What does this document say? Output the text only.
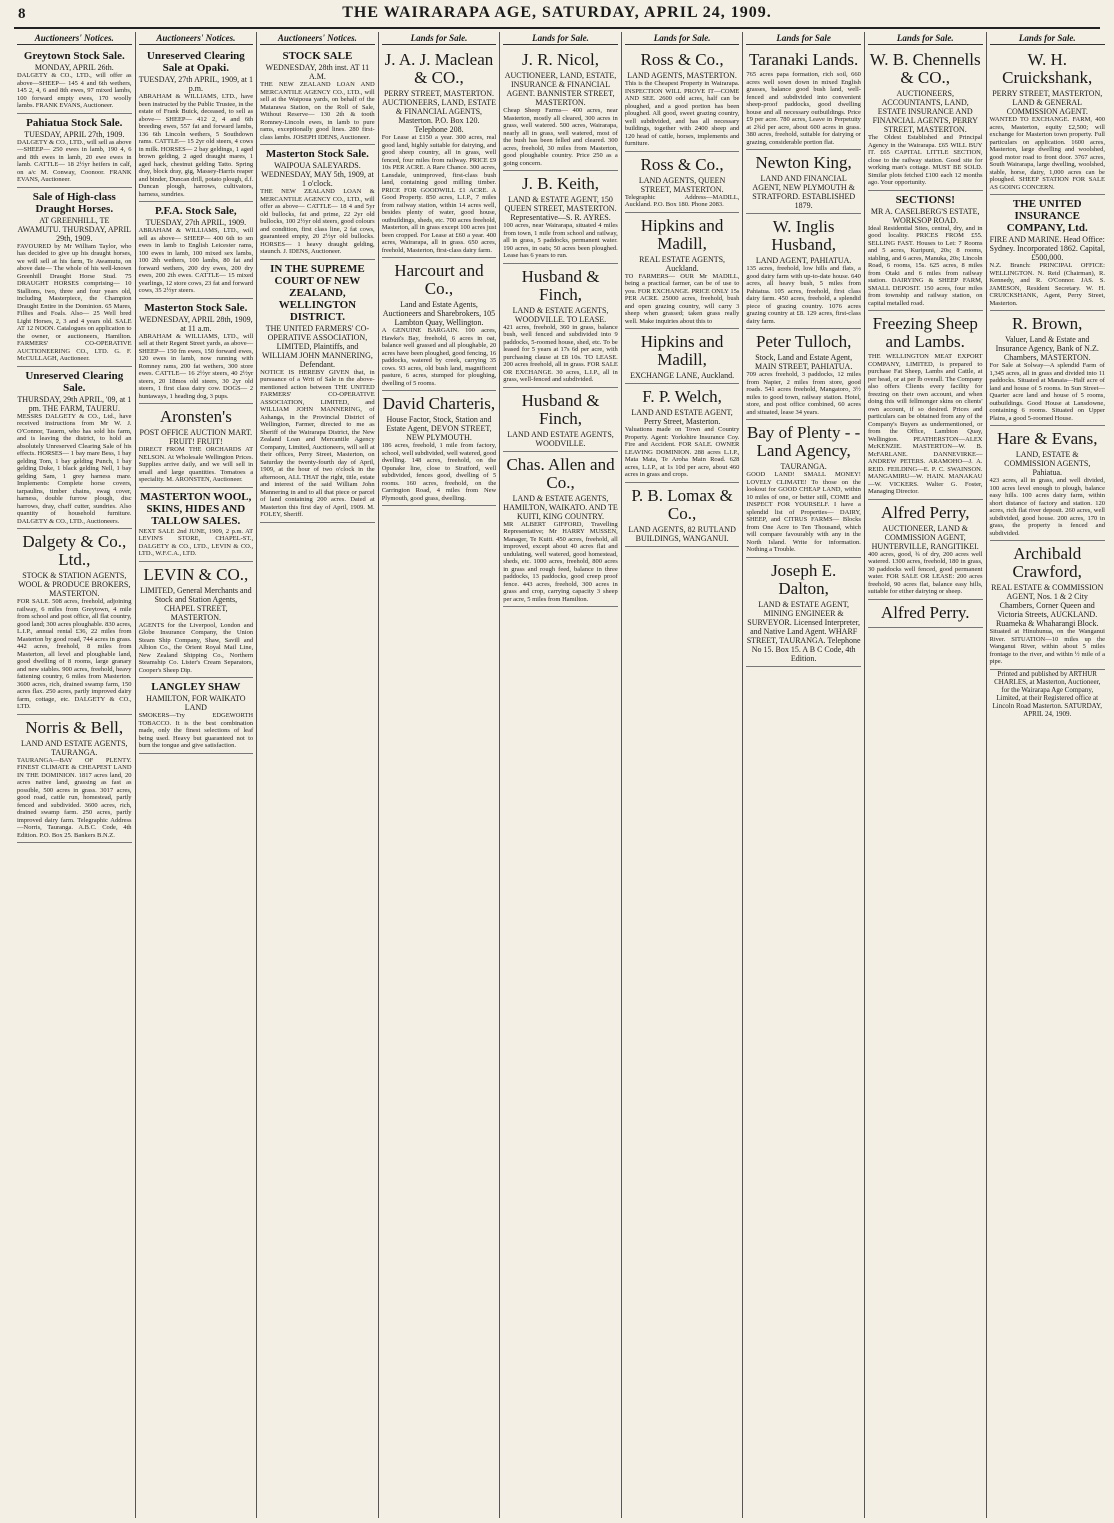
8	THE WAIRARAPA AGE, SATURDAY, APRIL 24, 1909.
Auctioneers' Notices.
Greytown Stock Sale.
MONDAY, APRIL 26th.
DALGETY & CO., LTD., will offer as above—SHEEP— 145 4 and 6th wethers, 145 2, 4, 6 and 8th ewes, 97 mixed lambs, 100 forward empty ewes, 170 woolly lambs. FRANK EVANS, Auctioneer.
Pahiatua Stock Sale.
TUESDAY, APRIL 27th, 1909.
DALGETY & CO., LTD., will sell as above—SHEEP— 250 ewes in lamb, 190 4, 6 and 8th ewes in lamb, 20 ewe ewes in lamb. CATTLE— 18 2½yr heifers in calf, on a/c M. Conway, Coonoor. FRANK EVANS, Auctioneer.
Sale of High-class Draught Horses.
AT GREENHILL, TE AWAMUTU. THURSDAY, APRIL 29th, 1909.
FAVOURED by Mr William Taylor, who has decided to give up his draught horses, we will sell at his farm, Te Awamutu, on above date— The whole of his well-known Greenhill Draught Horse Stud. 75 DRAUGHT HORSES comprising— 10 Stallions, two, three and four years old, including Masterpiece, the Champion Draught Entire in the Dominion. 65 Mares, Fillies and Foals. Also— 25 Well bred Light Horses, 2, 3 and 4 years old. SALE AT 12 NOON. Catalogues on application to the owner, or auctioneers, Hamilton. FARMERS' CO-OPERATIVE AUCTIONEERING CO., LTD. G. F. McCULLAGH, Auctioneer.
Unreserved Clearing Sale.
THURSDAY, 29th APRIL, '09, at 1 pm. THE FARM, TAUERU.
MESSRS DALGETY & CO., Ltd., have received instructions from Mr W. J. O'Connor, Tauern, who has sold his farm, and is leaving the district, to hold an absolutely Unreserved Clearing Sale of his effects. HORSES— 1 bay mare Bess, 1 bay gelding Tom, 1 bay gelding Punch, 1 bay gelding Duke, 1 black gelding Nell, 1 bay gelding Sam, 1 grey harness mare. Implements: Complete horse covers, tarpaulins, timber chains, swag cover, harness, double furrow plough, disc harrows, dray, chaff cutter, sundries. Also quantity of household furniture. DALGETY & CO., LTD., Auctioneers.
Dalgety & Co., Ltd.,
STOCK & STATION AGENTS, WOOL & PRODUCE BROKERS, MASTERTON.
FOR SALE. 508 acres, freehold, adjoining railway, 6 miles from Greytown, 4 mile from school and post office, all flat country, good land; 300 acres ploughable. 830 acres, L.I.P., annual rental £36, 22 miles from Masterton by good road, 744 acres in grass. 442 acres, freehold, 8 miles from Masterton, all level and ploughable land, good dwelling of 8 rooms, large granary and new stables. 900 acres, freehold, heavy fattening country, 6 miles from Masterton. 3600 acres, rich, drained swamp farm, 150 acres flax. 250 acres, partly improved dairy farm, cottage, etc. DALGETY & CO., LTD.
Norris & Bell,
LAND AND ESTATE AGENTS, TAURANGA.
TAURANGA—BAY OF PLENTY. FINEST CLIMATE & CHEAPEST LAND IN THE DOMINION. 1817 acres land, 20 acres native land, grassing as fast as possible, 500 acres in grass. 3017 acres, good road, cattle run, homestead, partly fenced and subdivided. 3600 acres, rich, drained swamp farm. 250 acres, partly improved dairy farm. Telegraphic Address—Norris, Tauranga. A.B.C. Code, 4th Edition. P.O. Box 25. Bankers B.N.Z.
Auctioneers' Notices.
Unreserved Clearing Sale at Opaki.
TUESDAY, 27th APRIL, 1909, at 1 p.m.
ABRAHAM & WILLIAMS, LTD., have been instructed by the Public Trustee, in the estate of Frank Buick, deceased, to sell as above— SHEEP— 412 2, 4 and 6th breeding ewes, 557 fat and forward lambs, 136 6th Lincoln wethers, 5 Southdown rams. CATTLE— 15 2yr old steers, 4 cows in milk. HORSES— 2 bay geldings, 1 aged brown gelding, 2 aged draught mares, 1 aged hack, chestnut gelding Tatto. Spring dray, block dray, gig, Massey-Harris reaper and binder, Duncan drill, potato plough, d.f. Duncan plough, harrows, cultivators, harness, sundries.
P.F.A. Stock Sale,
TUESDAY, 27th APRIL, 1909.
ABRAHAM & WILLIAMS, LTD., will sell as above— SHEEP— 400 6th to sm ewes in lamb to English Leicester rams, 100 ewes in lamb, 100 mixed sex lambs, 100 2th wethers, 100 lambs, 80 fat and forward wethers, 200 dry ewes, 200 dry ewes, 200 2th ewes. CATTLE— 15 mixed yearlings, 12 store cows, 23 fat and forward cows, 35 2½yr steers.
Masterton Stock Sale.
WEDNESDAY, APRIL 28th, 1909, at 11 a.m.
ABRAHAM & WILLIAMS, LTD., will sell at their Regent Street yards, as above— SHEEP— 150 fm ewes, 150 forward ewes, 120 ewes in lamb, now running with Romney rams, 200 fat wethers, 300 store ewes. CATTLE— 16 2½yr steers, 40 2½yr steers, 20 18mos old steers, 30 2yr old steers, 1 first class dairy cow. DOGS— 2 huntaways, 1 heading dog, 3 pups.
Aronsten's
POST OFFICE AUCTION MART. FRUIT! FRUIT!
DIRECT FROM THE ORCHARDS AT NELSON. At Wholesale Wellington Prices. Supplies arrive daily, and we will sell in small and large quantities. Tomatoes a speciality. M. ARONSTEN, Auctioneer.
MASTERTON WOOL, SKINS, HIDES AND TALLOW SALES.
NEXT SALE 2nd JUNE, 1909, 2 p.m. AT LEVIN'S STORE, CHAPEL-ST., DALGETY & CO., LTD., LEVIN & CO., LTD., W.F.C.A., LTD.
LEVIN & CO.,
LIMITED, General Merchants and Stock and Station Agents, CHAPEL STREET, MASTERTON.
AGENTS for the Liverpool, London and Globe Insurance Company, the Union Steam Ship Company, Shaw, Savill and Albion Co., the Orient Royal Mail Line, New Zealand Shipping Co., Northern Steamship Co. Lister's Cream Separators, Cooper's Sheep Dip.
LANGLEY SHAW
HAMILTON, FOR WAIKATO LAND
SMOKERS—Try EDGEWORTH TOBACCO. It is the best combination made, only the finest selections of leaf being used. Heavy but guaranteed not to burn the tongue and give satisfaction.
Auctioneers' Notices.
STOCK SALE
WEDNESDAY, 28th inst. AT 11 A.M.
THE NEW ZEALAND LOAN AND MERCANTILE AGENCY CO., LTD., will sell at the Waipoua yards, on behalf of the Matarawa Station, on the Roll of Sale, Without Reserve— 130 2th & tooth Romney-Lincoln ewes, in lamb to pure rams, exceptionally good lines. 280 first-class lambs. JOSEPH IDENS, Auctioneer.
Masterton Stock Sale.
WAIPOUA SALEYARDS. WEDNESDAY, MAY 5th, 1909, at 1 o'clock.
THE NEW ZEALAND LOAN & MERCANTILE AGENCY CO., LTD., will offer as above— CATTLE— 18 4 and 5yr old bullocks, fat and prime, 22 2yr old bullocks, 100 2½yr old steers, good colours and condition, first class line, 2 fat cows, guaranteed empty, 20 2½yr old bullocks. HORSES— 1 heavy draught gelding, staunch. J. IDENS, Auctioneer.
IN THE SUPREME COURT OF NEW ZEALAND, WELLINGTON DISTRICT.
THE UNITED FARMERS' CO-OPERATIVE ASSOCIATION, LIMITED, Plaintiffs, and WILLIAM JOHN MANNERING, Defendant.
NOTICE IS HEREBY GIVEN that, in pursuance of a Writ of Sale in the above-mentioned action between THE UNITED FARMERS' CO-OPERATIVE ASSOCIATION, LIMITED, and WILLIAM JOHN MANNERING, of Ashanga, in the Provincial District of Wellington, Farmer, directed to me as Sheriff of the Wairarapa District, the New Zealand Loan and Mercantile Agency Company, Limited, Auctioneers, will sell at their offices, Perry Street, Masterton, on Saturday the twenty-fourth day of April, 1909, at the hour of two o'clock in the afternoon, ALL THAT the right, title, estate and interest of the said William John Mannering in and to all that piece or parcel of land containing 200 acres. Dated at Masterton this first day of April, 1909. M. FOLEY, Sheriff.
Lands for Sale.
J. A. J. Maclean & CO.,
PERRY STREET, MASTERTON. AUCTIONEERS, LAND, ESTATE & FINANCIAL AGENTS, Masterton. P.O. Box 120. Telephone 208.
For Lease at £150 a year. 300 acres, real good land, highly suitable for dairying, and good sheep country, all in grass, well fenced, four miles from railway. PRICE £9 10s PER ACRE. A Rare Chance. 300 acres, Lansdale, unimproved, first-class bush land, containing good milling timber. PRICE FOR GOODWILL £1 ACRE. A Good Property. 850 acres, L.I.P., 7 miles from railway station, within 14 acres well, besides plenty of water, good house, outbuildings, sheds, etc. 700 acres freehold, Masterton, all in grass except 100 acres just been cropped. For Lease at £60 a year. 400 acres, Wairarapa, all in grass. 650 acres, freehold, Masterton, first-class dairy farm.
Harcourt and Co.,
Land and Estate Agents, Auctioneers and Sharebrokers, 105 Lambton Quay, Wellington.
A GENUINE BARGAIN. 100 acres, Hawke's Bay, freehold, 6 acres in oat, balance well grassed and all ploughable, 20 acres have been ploughed, good fencing, 16 paddocks, watered by creek, carrying 35 cows. 93 acres, old bush land, magnificent pasture, 6 acres, stumped for ploughing, dwelling of 5 rooms.
David Charteris,
House Factor, Stock, Station and Estate Agent, DEVON STREET, NEW PLYMOUTH.
186 acres, freehold, 1 mile from factory, school, well subdivided, well watered, good dwelling. 148 acres, freehold, on the Opunake line, close to Stratford, well subdivided, fences good, dwelling of 5 rooms. 160 acres, freehold, on the Carrington Road, 4 miles from New Plymouth, good grass, dwelling.
Lands for Sale.
J. R. Nicol,
AUCTIONEER, LAND, ESTATE, INSURANCE & FINANCIAL AGENT. BANNISTER STREET, MASTERTON.
Cheap Sheep Farms— 400 acres, near Masterton, mostly all cleared, 300 acres in grass, well watered. 500 acres, Wairarapa, nearly all in grass, well watered, most of the bush has been felled and cleared. 300 acres, freehold, 30 miles from Masterton, good ploughable country. Price 250 as a going concern.
J. B. Keith,
LAND & ESTATE AGENT, 150 QUEEN STREET, MASTERTON. Representative—S. R. AYRES.
100 acres, near Wairarapa, situated 4 miles from town, 1 mile from school and railway, all in grass, 5 paddocks, permanent water. 190 acres, in oats; 50 acres been ploughed. Lease has 6 years to run.
Husband & Finch,
LAND & ESTATE AGENTS, WOODVILLE. TO LEASE.
421 acres, freehold, 360 in grass, balance bush, well fenced and subdivided into 9 paddocks, 5-roomed house, shed, etc. To be leased for 5 years at 17s 6d per acre, with purchasing clause at £8 10s. TO LEASE. 200 acres freehold, all in grass. FOR SALE OR EXCHANGE. 30 acres, L.I.P., all in grass, well-fenced and subdivided.
Husband & Finch,
LAND AND ESTATE AGENTS, WOODVILLE.
Chas. Allen and Co.,
LAND & ESTATE AGENTS, HAMILTON, WAIKATO. AND TE KUITI, KING COUNTRY.
MR ALBERT GIFFORD, Travelling Representative; Mr HARRY MUSSEN, Manager, Te Kuiti. 450 acres, freehold, all improved, except about 40 acres flat and undulating, well watered, good homestead, sheds, etc. 1000 acres, freehold, 800 acres in grass and rough feed, balance in three paddocks, 13 paddocks, good creep proof fence. 443 acres, freehold, 300 acres in grass and crop, carrying capacity 3 sheep per acre, 5 miles from Hamilton.
Lands for Sale.
Ross & Co.,
LAND AGENTS, MASTERTON.
This is the Cheapest Property in Wairarapa. INSPECTION WILL PROVE IT—COME AND SEE. 2600 odd acres, half can be ploughed, and a good portion has been ploughed. All good, sweet grazing country, well subdivided, and has all necessary buildings, together with 2400 sheep and 120 head of cattle, horses, implements and furniture.
Ross & Co.,
LAND AGENTS, QUEEN STREET, MASTERTON.
Telegraphic Address—MADILL, Auckland. P.O. Box 180. Phone 2083.
Hipkins and Madill,
REAL ESTATE AGENTS, Auckland.
TO FARMERS— OUR Mr MADILL, being a practical farmer, can be of use to you. FOR EXCHANGE. PRICE ONLY 15s PER ACRE. 25000 acres, freehold, bush and open grazing country, will carry 3 sheep when grassed; taken grass really well. Make inquiries about this to
Hipkins and Madill,
EXCHANGE LANE, Auckland.
F. P. Welch,
LAND AND ESTATE AGENT, Perry Street, Masterton.
Valuations made on Town and Country Property. Agent: Yorkshire Insurance Coy. Fire and Accident. FOR SALE. OWNER LEAVING DOMINION. 288 acres L.I.P., Mata Mata, Te Aroha Main Road. 628 acres, L.I.P., at 1s 10d per acre, about 460 acres in grass and crops.
P. B. Lomax & Co.,
LAND AGENTS, 82 RUTLAND BUILDINGS, WANGANUI.
Lands for Sale
Taranaki Lands.
765 acres papa formation, rich soil, 660 acres well sown down in mixed English grasses, balance good bush land, well-fenced and subdivided into convenient sheep-proof paddocks, good dwelling house and all necessary outbuildings. Price £9 per acre. 780 acres, Leave in Perpetuity at 2¾d per acre, about 600 acres in grass. 380 acres, freehold, suitable for dairying or grazing, considerable portion flat.
Newton King,
LAND AND FINANCIAL AGENT, NEW PLYMOUTH & STRATFORD. ESTABLISHED 1879.
W. Inglis Husband,
LAND AGENT, PAHIATUA.
135 acres, freehold, low hills and flats, a good dairy farm with up-to-date house. 640 acres, all heavy bush, 5 miles from Pahiatua. 105 acres, freehold, first class dairy farm. 450 acres, freehold, a splendid piece of grazing country. 1076 acres grazing country at £8. 129 acres, first-class dairy farm.
Peter Tulloch,
Stock, Land and Estate Agent, MAIN STREET, PAHIATUA.
709 acres freehold, 3 paddocks, 12 miles from Napier, 2 miles from store, good roads. 541 acres freehold, Mangatoro, 3½ miles to good town, railway station. Hotel, store, and post office combined, 60 acres and situated, lease 34 years.
Bay of Plenty - - Land Agency,
TAURANGA.
GOOD LAND! SMALL MONEY! LOVELY CLIMATE! To those on the lookout for GOOD CHEAP LAND, within 10 miles of one, or better still, COME and INSPECT FOR YOURSELF. I have a splendid list of Properties— DAIRY, SHEEP, and CITRUS FARMS— Blocks from One Acre to Ten Thousand, which will compare favourably with any in the North Island. Write for information. Nothing a Trouble.
Joseph E. Dalton,
LAND & ESTATE AGENT, MINING ENGINEER & SURVEYOR. Licensed Interpreter, and Native Land Agent. WHARF STREET, TAURANGA. Telephone No 15. Box 15. A B C Code, 4th Edition.
Lands for Sale.
W. B. Chennells & CO.,
AUCTIONEERS, ACCOUNTANTS, LAND, ESTATE INSURANCE AND FINANCIAL AGENTS, PERRY STREET, MASTERTON.
The Oldest Established and Principal Agency in the Wairarapa. £65 WILL BUY IT. £65 CAPITAL LITTLE SECTION, close to the railway station. Good site for working man's cottage. MUST BE SOLD. Similar plots fetched £100 each 12 months ago. Your opportunity.
SECTIONS!
MR A. CASELBERG'S ESTATE, WORKSOP ROAD.
Ideal Residential Sites, central, dry, and in good locality. PRICES FROM £55. SELLING FAST. Houses to Let: 7 Rooms and 5 acres, Kuripuni, 20s; 8 rooms, stabling, and 6 acres, Manuka, 20s; Lincoln Road, 6 rooms, 15s. 625 acres, 8 miles from Otaki and 6 miles from railway station. DAIRYING & SHEEP FARM, SMALL DEPOSIT. 150 acres, four miles from township and railway station, on capital metalled road.
Freezing Sheep and Lambs.
THE WELLINGTON MEAT EXPORT COMPANY, LIMITED, is prepared to purchase Fat Sheep, Lambs and Cattle, at per head, or at per lb overall. The Company also offers Clients every facility for freezing on their own account, and when doing this will fellmonger skins on clients' own account, if so desired. Prices and particulars can be obtained from any of the Company's Buyers as undermentioned, or from the Office, Lambton Quay, Wellington. PEATHERSTON—ALEX McKENZIE. MASTERTON—W. B. McFARLANE. DANNEVIRKE—ANDREW PETERS. ARAMOHO—J. A. REID. FEILDING—E. P. C. SWAINSON. MANGAMIRU—W. HAIN. MANAKAU—W. VICKERS. Walter G. Foster, Managing Director.
Alfred Perry,
AUCTIONEER, LAND & COMMISSION AGENT, HUNTERVILLE, RANGITIKEI.
400 acres, good, ¾ of dry, 200 acres well watered. 1300 acres, freehold, 180 in grass, 30 paddocks well fenced, good permanent water. FOR SALE OR LEASE: 200 acres freehold, 90 acres flat, balance easy hills, suitable for either dairying or sheep.
Alfred Perry.
Lands for Sale.
W. H. Cruickshank,
PERRY STREET, MASTERTON, LAND & GENERAL COMMISSION AGENT.
WANTED TO EXCHANGE. FARM, 400 acres, Masterton, equity £2,500; will exchange for Masterton town property. Full particulars on application. 1600 acres, Masterton, large dwelling and woolshed, good motor road to front door. 3767 acres, South Wairarapa, large dwelling, woolshed, stable, horse, dairy, 1,000 acres can be ploughed. SHEEP STATION FOR SALE AS GOING CONCERN.
THE UNITED INSURANCE COMPANY, Ltd.
FIRE AND MARINE. Head Office: Sydney. Incorporated 1862. Capital, £500,000.
N.Z. Branch: PRINCIPAL OFFICE: WELLINGTON. N. Reid (Chairman), R. Kennedy, and R. O'Connor. JAS. S. JAMESON, Resident Secretary. W. H. CRUICKSHANK, Agent, Perry Street, Masterton.
R. Brown,
Valuer, Land & Estate and Insurance Agency, Bank of N.Z. Chambers, MASTERTON.
For Sale at Solway—A splendid Farm of 1,345 acres, all in grass and divided into 11 paddocks. Situated at Manaia—Half acre of land and house of 5 rooms. In Sun Street—Quarter acre land and house of 5 rooms, outbuildings. Good House at Lansdowne, containing 6 rooms. Situated on Upper Plains, a good 5-roomed House.
Hare & Evans,
LAND, ESTATE & COMMISSION AGENTS, Pahiatua.
423 acres, all in grass, and well divided, 100 acres level enough to plough, balance easy hills. 100 acres dairy farm, within short distance of factory and station. 120 acres, rich flat river deposit. 260 acres, well subdivided, good house. 200 acres, 170 in grass, the property is fenced and subdivided.
Archibald Crawford,
REAL ESTATE & COMMISSION AGENT, Nos. 1 & 2 City Chambers, Corner Queen and Victoria Streets, AUCKLAND. Ruameka & Whaharangi Block.
Situated at Hinuhunua, on the Wanganui River. SITUATION—10 miles up the Wanganui River, within about 5 miles frontage to the river, and within ½ mile of a pipe.
Printed and published by ARTHUR CHARLES, at Masterton, Auctioneer, for the Wairarapa Age Company, Limited, at their Registered office at Lincoln Road Masterton. SATURDAY, APRIL 24, 1909.
